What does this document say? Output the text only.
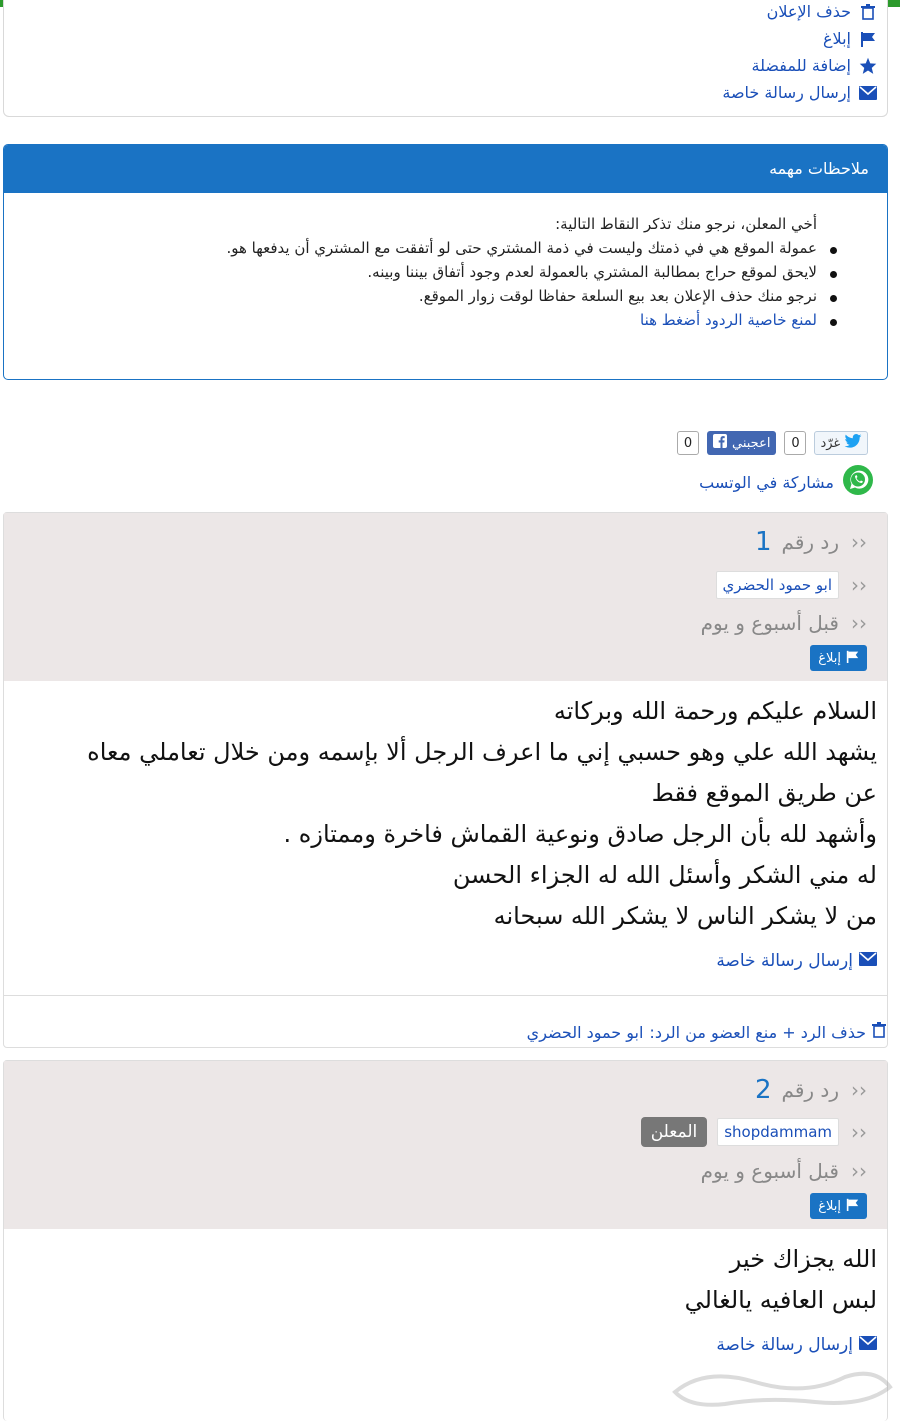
حذف الإعلان
إبلاغ
إضافة للمفضلة
إرسال رسالة خاصة
ملاحظات مهمه
أخي المعلن، نرجو منك تذكر النقاط التالية:
عمولة الموقع هي في ذمتك وليست في ذمة المشتري حتى لو أتفقت مع المشتري أن يدفعها هو.
لايحق لموقع حراج بمطالبة المشتري بالعمولة لعدم وجود أتفاق بيننا وبينه.
نرجو منك حذف الإعلان بعد بيع السلعة حفاظا لوقت زوار الموقع.
لمنع خاصية الردود أضغط هنا
0	اعجبني	0	غرّد
مشاركة في الوتسب
‹‹
رد رقم
1
‹‹
ابو حمود الحضري
‹‹
قبل أسبوع و يوم
إبلاغ
السلام عليكم ورحمة الله وبركاته
يشهد الله علي وهو حسبي إني ما اعرف الرجل ألا بإسمه ومن خلال تعاملي معاه
عن طريق الموقع فقط
وأشهد لله بأن الرجل صادق ونوعية القماش فاخرة وممتازه .
له مني الشكر وأسئل الله له الجزاء الحسن
من لا يشكر الناس لا يشكر الله سبحانه
إرسال رسالة خاصة
حذف الرد + منع العضو من الرد:
ابو حمود الحضري
‹‹
رد رقم
2
‹‹
shopdammam
المعلن
‹‹
قبل أسبوع و يوم
إبلاغ
الله يجزاك خير
لبس العافيه يالغالي
إرسال رسالة خاصة
